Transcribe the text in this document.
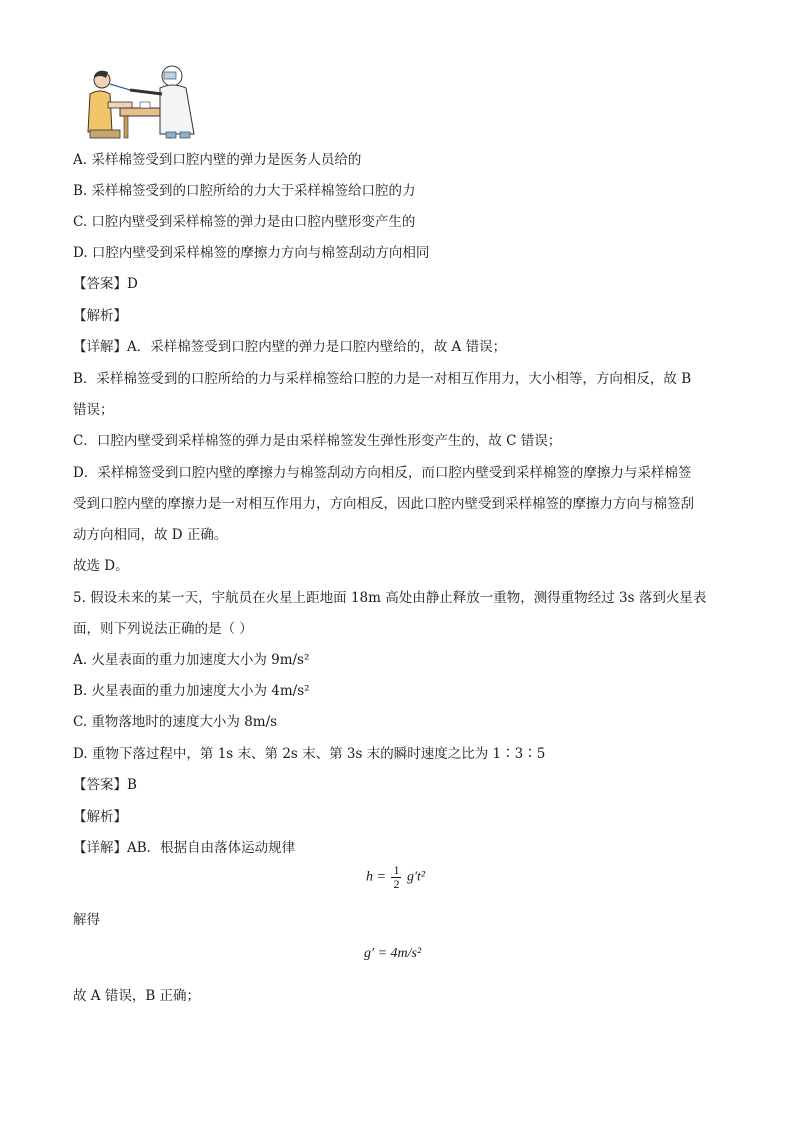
A. 采样棉签受到口腔内壁的弹力是医务人员给的
B. 采样棉签受到的口腔所给的力大于采样棉签给口腔的力
C. 口腔内壁受到采样棉签的弹力是由口腔内壁形变产生的
D. 口腔内壁受到采样棉签的摩擦力方向与棉签刮动方向相同
【答案】D
【解析】
【详解】A．采样棉签受到口腔内壁的弹力是口腔内壁给的，故 A 错误；
B．采样棉签受到的口腔所给的力与采样棉签给口腔的力是一对相互作用力，大小相等，方向相反，故 B
错误；
C．口腔内壁受到采样棉签的弹力是由采样棉签发生弹性形变产生的，故 C 错误；
D．采样棉签受到口腔内壁的摩擦力与棉签刮动方向相反，而口腔内壁受到采样棉签的摩擦力与采样棉签
受到口腔内壁的摩擦力是一对相互作用力，方向相反，因此口腔内壁受到采样棉签的摩擦力方向与棉签刮
动方向相同，故 D 正确。
故选 D。
5. 假设未来的某一天，宇航员在火星上距地面 18m 高处由静止释放一重物，测得重物经过 3s 落到火星表
面，则下列说法正确的是（ ）
A. 火星表面的重力加速度大小为 9m/s²
B. 火星表面的重力加速度大小为 4m/s²
C. 重物落地时的速度大小为 8m/s
D. 重物下落过程中，第 1s 末、第 2s 末、第 3s 末的瞬时速度之比为 1∶3∶5
【答案】B
【解析】
【详解】AB．根据自由落体运动规律
$h = \frac{1}{2} g't^2$
解得
g′ = 4m/s²
故 A 错误，B 正确；
